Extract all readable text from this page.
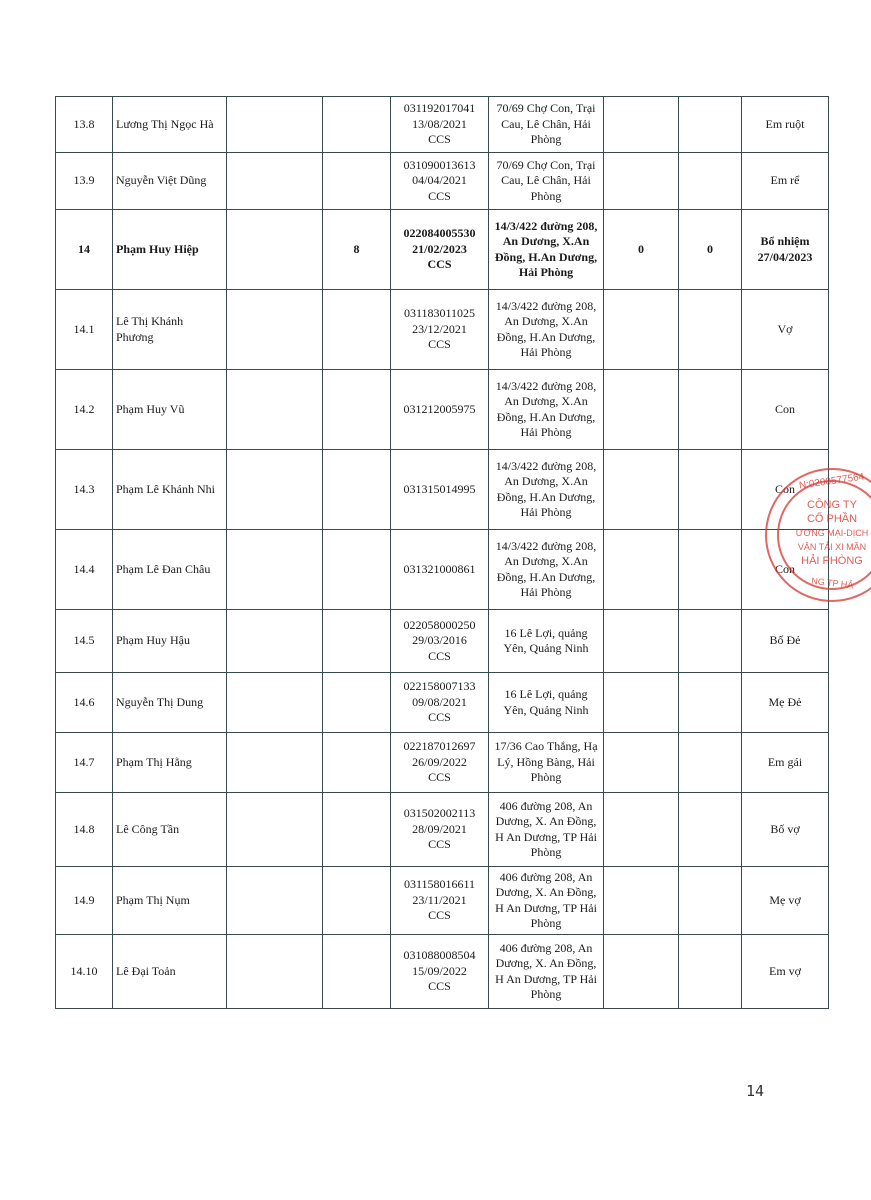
13.8	Lương Thị Ngọc Hà			031192017041
13/08/2021
CCS	70/69 Chợ Con, Trại
Cau, Lê Chân, Hải
Phòng			Em ruột
13.9	Nguyễn Việt Dũng			031090013613
04/04/2021
CCS	70/69 Chợ Con, Trại
Cau, Lê Chân, Hải
Phòng			Em rể
14	Phạm Huy Hiệp		8	022084005530
21/02/2023
CCS	14/3/422 đường 208,
An Dương, X.An
Đồng, H.An Dương,
Hải Phòng	0	0	Bổ nhiệm
27/04/2023
14.1	Lê Thị Khánh
Phương			031183011025
23/12/2021
CCS	14/3/422 đường 208,
An Dương, X.An
Đồng, H.An Dương,
Hải Phòng			Vợ
14.2	Phạm Huy Vũ			031212005975	14/3/422 đường 208,
An Dương, X.An
Đồng, H.An Dương,
Hải Phòng			Con
14.3	Phạm Lê Khánh Nhi			031315014995	14/3/422 đường 208,
An Dương, X.An
Đồng, H.An Dương,
Hải Phòng			Con
14.4	Phạm Lê Đan Châu			031321000861	14/3/422 đường 208,
An Dương, X.An
Đồng, H.An Dương,
Hải Phòng			Con
14.5	Phạm Huy Hậu			022058000250
29/03/2016
CCS	16 Lê Lợi, quảng
Yên, Quảng Ninh			Bố Đẻ
14.6	Nguyễn Thị Dung			022158007133
09/08/2021
CCS	16 Lê Lợi, quảng
Yên, Quảng Ninh			Mẹ Đẻ
14.7	Phạm Thị Hằng			022187012697
26/09/2022
CCS	17/36 Cao Thắng, Hạ
Lý, Hồng Bàng, Hải
Phòng			Em gái
14.8	Lê Công Tần			031502002113
28/09/2021
CCS	406 đường 208, An
Dương, X. An Đồng,
H An Dương, TP Hải
Phòng			Bố vợ
14.9	Phạm Thị Nụm			031158016611
23/11/2021
CCS	406 đường 208, An
Dương, X. An Đồng,
H An Dương, TP Hải
Phòng			Mẹ vợ
14.10	Lê Đại Toản			031088008504
15/09/2022
CCS	406 đường 208, An
Dương, X. An Đồng,
H An Dương, TP Hải
Phòng			Em vợ
N:0200577564
CÔNG TY
CỔ PHẦN
ƯƠNG MẠI-DỊCH
VẬN TẢI XI MĂN
HẢI PHÒNG
NG TP HẢ
14
